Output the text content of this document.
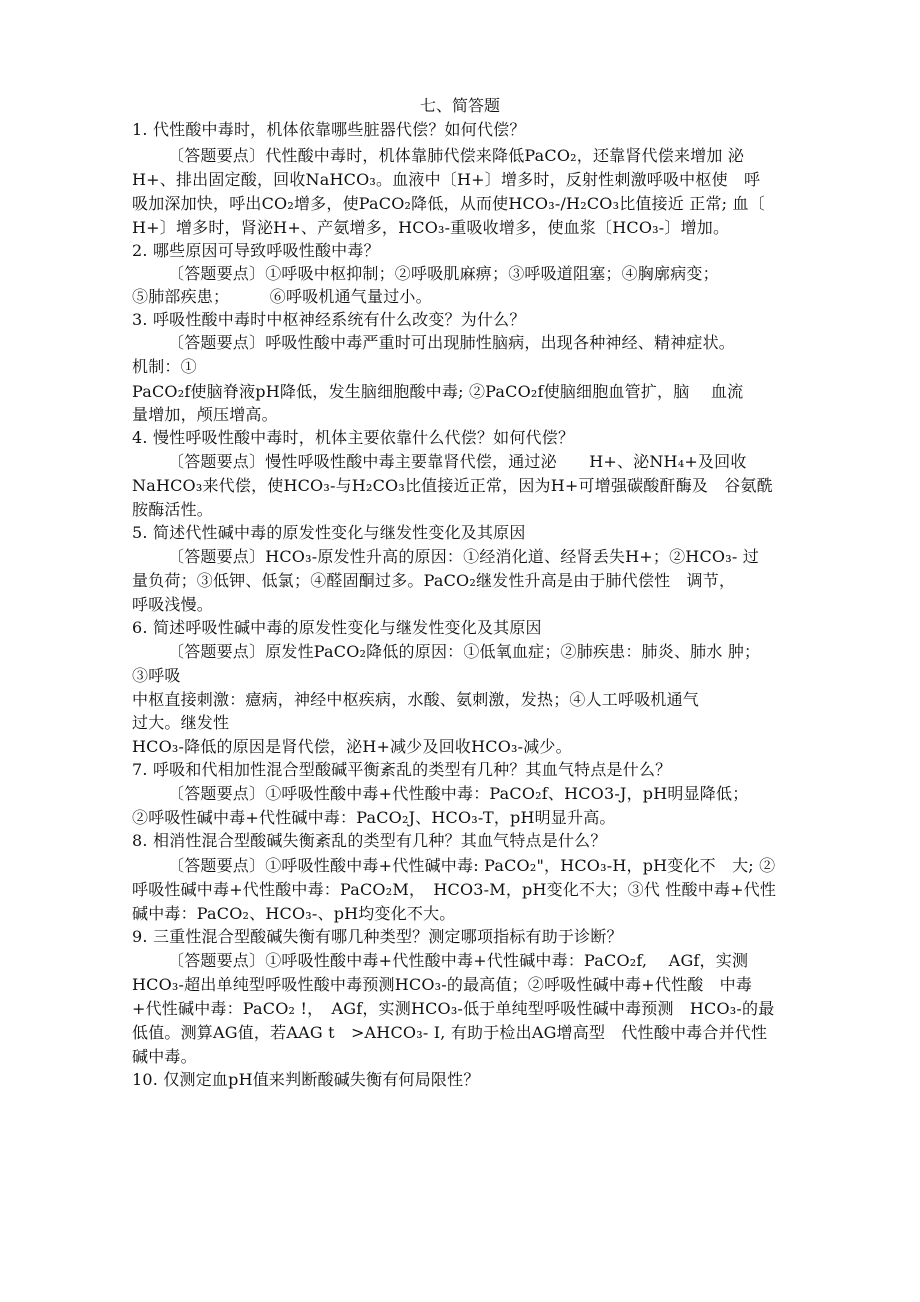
七、简答题
1. 代性酸中毒时，机体依靠哪些脏器代偿？如何代偿？
〔答题要点〕代性酸中毒时，机体靠肺代偿来降低PaCO₂，还靠肾代偿来增加 泌
H+、排出固定酸，回收NaHCO₃。血液中〔H+〕增多时，反射性刺激呼吸中枢使　呼
吸加深加快，呼出CO₂增多，使PaCO₂降低，从而使HCO₃-/H₂CO₃比值接近 正常; 血〔
H+〕增多时，肾泌H+、产氨增多，HCO₃-重吸收增多，使血浆〔HCO₃-〕增加。
2. 哪些原因可导致呼吸性酸中毒？
〔答题要点〕①呼吸中枢抑制；②呼吸肌麻痹；③呼吸道阻塞；④胸廓病变；
⑤肺部疾患；　　　⑥呼吸机通气量过小。
3. 呼吸性酸中毒时中枢神经系统有什么改变？为什么？
〔答题要点〕呼吸性酸中毒严重时可出现肺性脑病，出现各种神经、精神症状。
机制：①
PaCO₂f使脑脊液pH降低，发生脑细胞酸中毒; ②PaCO₂f使脑细胞血管扩，脑　 血流
量增加，颅压增高。
4. 慢性呼吸性酸中毒时，机体主要依靠什么代偿？如何代偿？
〔答题要点〕慢性呼吸性酸中毒主要靠肾代偿，通过泌　　H+、泌NH₄+及回收
NaHCO₃来代偿，使HCO₃-与H₂CO₃比值接近正常，因为H+可增强碳酸酐酶及　谷氨酰
胺酶活性。
5. 简述代性碱中毒的原发性变化与继发性变化及其原因
〔答题要点〕HCO₃-原发性升高的原因：①经消化道、经肾丢失H+；②HCO₃- 过
量负荷；③低钾、低氯；④醛固酮过多。PaCO₂继发性升高是由于肺代偿性　调节，
呼吸浅慢。
6. 简述呼吸性碱中毒的原发性变化与继发性变化及其原因
〔答题要点〕原发性PaCO₂降低的原因：①低氧血症；②肺疾患：肺炎、肺水 肿；
③呼吸
中枢直接刺激：癔病，神经中枢疾病，水酸、氨刺激，发热；④人工呼吸机通气
过大。继发性
HCO₃-降低的原因是肾代偿，泌H+减少及回收HCO₃-减少。
7. 呼吸和代相加性混合型酸碱平衡紊乱的类型有几种？其血气特点是什么？
〔答题要点〕①呼吸性酸中毒+代性酸中毒：PaCO₂f、HCO3-J，pH明显降低；
②呼吸性碱中毒+代性碱中毒：PaCO₂J、HCO₃-T，pH明显升高。
8. 相消性混合型酸碱失衡紊乱的类型有几种？其血气特点是什么？
〔答题要点〕①呼吸性酸中毒+代性碱中毒: PaCO₂"，HCO₃-H，pH变化不　大; ②
呼吸性碱中毒+代性酸中毒：PaCO₂M，　HCO3-M，pH变化不大；③代 性酸中毒+代性
碱中毒：PaCO₂、HCO₃-、pH均变化不大。
9. 三重性混合型酸碱失衡有哪几种类型？测定哪项指标有助于诊断？
〔答题要点〕①呼吸性酸中毒+代性酸中毒+代性碱中毒：PaCO₂f,　 AGf，实测
HCO₃-超出单纯型呼吸性酸中毒预测HCO₃-的最高值；②呼吸性碱中毒+代性酸　中毒
+代性碱中毒：PaCO₂ !，　AGf，实测HCO₃-低于单纯型呼吸性碱中毒预测　HCO₃-的最
低值。测算AG值，若AAG t　>AHCO₃- I, 有助于检出AG增高型　代性酸中毒合并代性
碱中毒。
10. 仅测定血pH值来判断酸碱失衡有何局限性？
